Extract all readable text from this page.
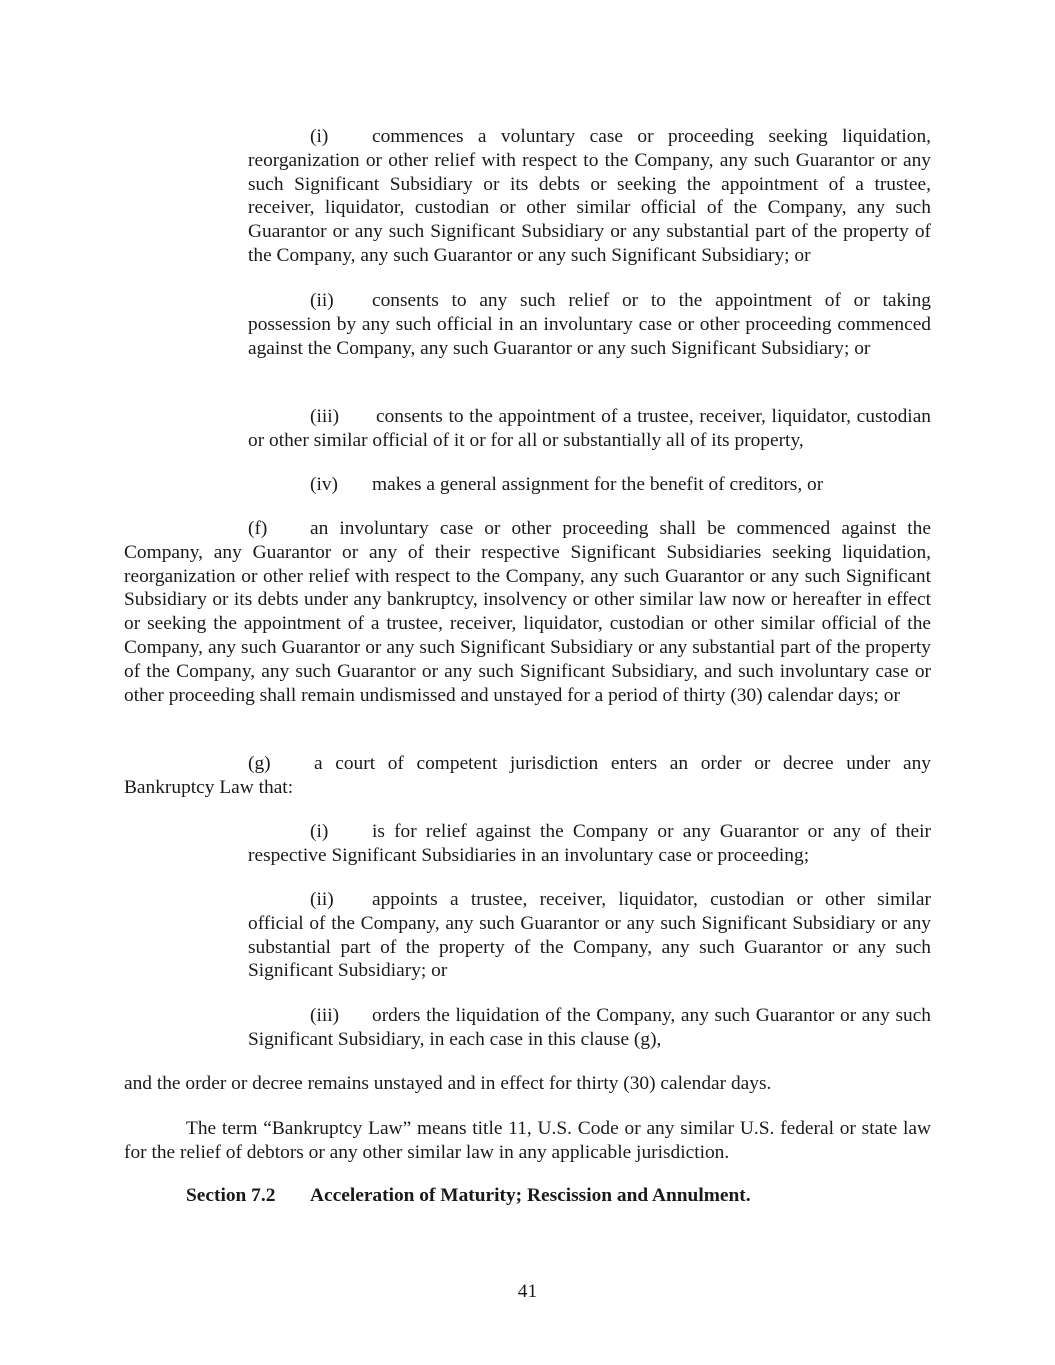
(i) commences a voluntary case or proceeding seeking liquidation, reorganization or other relief with respect to the Company, any such Guarantor or any such Significant Subsidiary or its debts or seeking the appointment of a trustee, receiver, liquidator, custodian or other similar official of the Company, any such Guarantor or any such Significant Subsidiary or any substantial part of the property of the Company, any such Guarantor or any such Significant Subsidiary; or

(ii) consents to any such relief or to the appointment of or taking possession by any such official in an involuntary case or other proceeding commenced against the Company, any such Guarantor or any such Significant Subsidiary; or

(iii) consents to the appointment of a trustee, receiver, liquidator, custodian or other similar official of it or for all or substantially all of its property,

(iv) makes a general assignment for the benefit of creditors, or

(f) an involuntary case or other proceeding shall be commenced against the Company, any Guarantor or any of their respective Significant Subsidiaries seeking liquidation, reorganization or other relief with respect to the Company, any such Guarantor or any such Significant Subsidiary or its debts under any bankruptcy, insolvency or other similar law now or hereafter in effect or seeking the appointment of a trustee, receiver, liquidator, custodian or other similar official of the Company, any such Guarantor or any such Significant Subsidiary or any substantial part of the property of the Company, any such Guarantor or any such Significant Subsidiary, and such involuntary case or other proceeding shall remain undismissed and unstayed for a period of thirty (30) calendar days; or

(g) a court of competent jurisdiction enters an order or decree under any Bankruptcy Law that:

(i) is for relief against the Company or any Guarantor or any of their respective Significant Subsidiaries in an involuntary case or proceeding;

(ii) appoints a trustee, receiver, liquidator, custodian or other similar official of the Company, any such Guarantor or any such Significant Subsidiary or any substantial part of the property of the Company, any such Guarantor or any such Significant Subsidiary; or

(iii) orders the liquidation of the Company, any such Guarantor or any such Significant Subsidiary, in each case in this clause (g),

and the order or decree remains unstayed and in effect for thirty (30) calendar days.

The term “Bankruptcy Law” means title 11, U.S. Code or any similar U.S. federal or state law for the relief of debtors or any other similar law in any applicable jurisdiction.

Section 7.2 Acceleration of Maturity; Rescission and Annulment.
41
